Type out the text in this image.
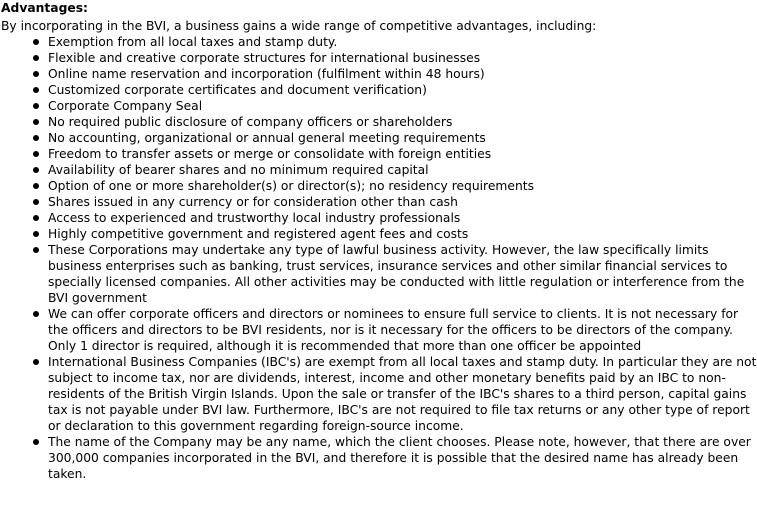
Advantages:

By incorporating in the BVI, a business gains a wide range of competitive advantages, including:

Exemption from all local taxes and stamp duty.
Flexible and creative corporate structures for international businesses
Online name reservation and incorporation (fulfilment within 48 hours)
Customized corporate certificates and document verification)
Corporate Company Seal
No required public disclosure of company officers or shareholders
No accounting, organizational or annual general meeting requirements
Freedom to transfer assets or merge or consolidate with foreign entities
Availability of bearer shares and no minimum required capital
Option of one or more shareholder(s) or director(s); no residency requirements
Shares issued in any currency or for consideration other than cash
Access to experienced and trustworthy local industry professionals
Highly competitive government and registered agent fees and costs
These Corporations may undertake any type of lawful business activity. However, the law specifically limits business enterprises such as banking, trust services, insurance services and other similar financial services to specially licensed companies. All other activities may be conducted with little regulation or interference from the BVI government
We can offer corporate officers and directors or nominees to ensure full service to clients. It is not necessary for the officers and directors to be BVI residents, nor is it necessary for the officers to be directors of the company. Only 1 director is required, although it is recommended that more than one officer be appointed
International Business Companies (IBC's) are exempt from all local taxes and stamp duty. In particular they are not subject to income tax, nor are dividends, interest, income and other monetary benefits paid by an IBC to non-residents of the British Virgin Islands. Upon the sale or transfer of the IBC's shares to a third person, capital gains tax is not payable under BVI law. Furthermore, IBC's are not required to file tax returns or any other type of report or declaration to this government regarding foreign-source income.
The name of the Company may be any name, which the client chooses. Please note, however, that there are over 300,000 companies incorporated in the BVI, and therefore it is possible that the desired name has already been taken.
